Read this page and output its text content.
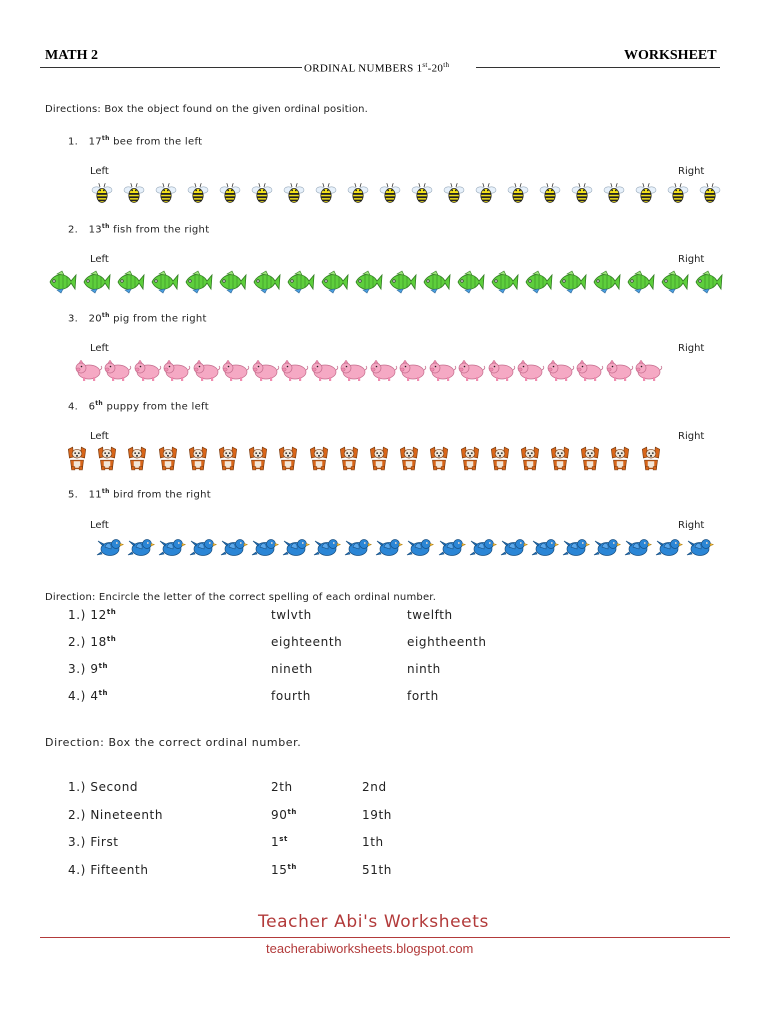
MATH 2	WORKSHEET
ORDINAL NUMBERS 1st-20th
Directions: Box the object found on the given ordinal position.
1. 17th bee from the left
Left	Right
2. 13th fish from the right
Left	Right
3. 20th pig from the right
Left	Right
4. 6th puppy from the left
Left	Right
5. 11th bird from the right
Left	Right
Direction: Encircle the letter of the correct spelling of each ordinal number.
1.) 12th	twlvth	twelfth
2.) 18th	eighteenth	eightheenth
3.) 9th	nineth	ninth
4.) 4th	fourth	forth
Direction: Box the correct ordinal number.
1.) Second	2th	2nd
2.) Nineteenth	90th	19th
3.) First	1st	1th
4.) Fifteenth	15th	51th
Teacher Abi's Worksheets
teacherabiworksheets.blogspot.com
